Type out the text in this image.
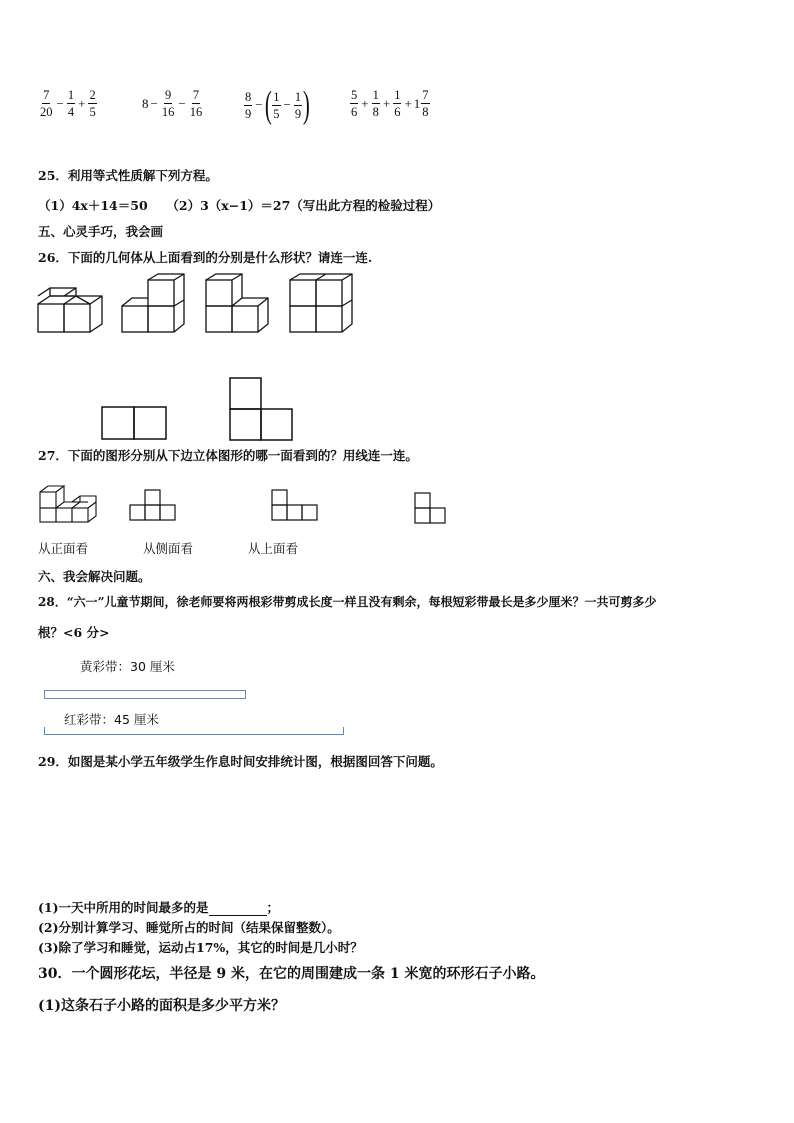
$\frac{7}{20} - \frac{1}{4} + \frac{2}{5}$	$8 - \frac{9}{16} - \frac{7}{16}$	$\frac{8}{9}$ − ( $\frac{1}{5} - \frac{1}{9}$ )	$\frac{5}{6} + \frac{1}{8} + \frac{1}{6} + 1 \frac{7}{8}$
25．利用等式性质解下列方程。
（1）4x＋14＝50　　（2）3（x−1）＝27（写出此方程的检验过程）
五、心灵手巧，我会画
26．下面的几何体从上面看到的分别是什么形状？请连一连.
27．下面的图形分别从下边立体图形的哪一面看到的？用线连一连。
从正面看	从侧面看	从上面看
六、我会解决问题。
28．“六一”儿童节期间，徐老师要将两根彩带剪成长度一样且没有剩余，每根短彩带最长是多少厘米？一共可剪多少
根？<6 分>
黄彩带：30 厘米
红彩带：45 厘米
29．如图是某小学五年级学生作息时间安排统计图，根据图回答下问题。
(1)一天中所用的时间最多的是	；
(2)分别计算学习、睡觉所占的时间（结果保留整数）。
(3)除了学习和睡觉，运动占17%，其它的时间是几小时？
30．一个圆形花坛，半径是 9 米，在它的周围建成一条 1 米宽的环形石子小路。
(1)这条石子小路的面积是多少平方米？
